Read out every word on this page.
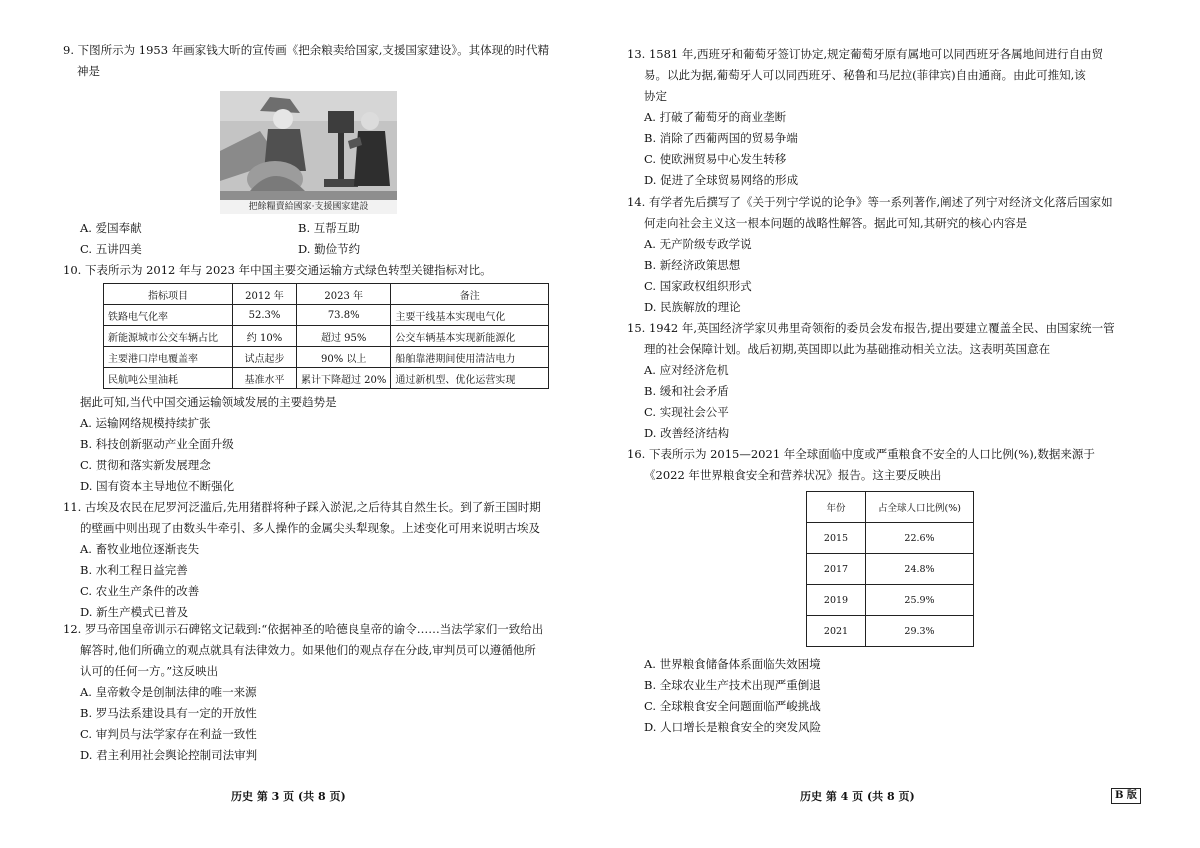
9. 下图所示为 1953 年画家钱大昕的宣传画《把余粮卖给国家,支援国家建设》。其体现的时代精

神是

把餘糧賣給國家·支援國家建設
A. 爱国奉献	B. 互帮互助
C. 五讲四美	D. 勤俭节约

10. 下表所示为 2012 年与 2023 年中国主要交通运输方式绿色转型关键指标对比。

指标项目	2012 年	2023 年	备注
铁路电气化率	52.3%	73.8%	主要干线基本实现电气化
新能源城市公交车辆占比	约 10%	超过 95%	公交车辆基本实现新能源化
主要港口岸电覆盖率	试点起步	90% 以上	船舶靠港期间使用清洁电力
民航吨公里油耗	基准水平	累计下降超过 20%	通过新机型、优化运营实现

据此可知,当代中国交通运输领域发展的主要趋势是

A. 运输网络规模持续扩张

B. 科技创新驱动产业全面升级

C. 贯彻和落实新发展理念

D. 国有资本主导地位不断强化

11. 古埃及农民在尼罗河泛滥后,先用猪群将种子踩入淤泥,之后待其自然生长。到了新王国时期

的壁画中则出现了由数头牛牵引、多人操作的金属尖头犁现象。上述变化可用来说明古埃及

A. 畜牧业地位逐渐丧失

B. 水利工程日益完善

C. 农业生产条件的改善

D. 新生产模式已普及

12. 罗马帝国皇帝训示石碑铭文记载到:“依据神圣的哈德良皇帝的谕令……当法学家们一致给出

解答时,他们所确立的观点就具有法律效力。如果他们的观点存在分歧,审判员可以遵循他所

认可的任何一方。”这反映出

A. 皇帝敕令是创制法律的唯一来源

B. 罗马法系建设具有一定的开放性

C. 审判员与法学家存在利益一致性

D. 君主利用社会舆论控制司法审判

历史 第 3 页 (共 8 页)

13. 1581 年,西班牙和葡萄牙签订协定,规定葡萄牙原有属地可以同西班牙各属地间进行自由贸

易。以此为据,葡萄牙人可以同西班牙、秘鲁和马尼拉(菲律宾)自由通商。由此可推知,该

协定

A. 打破了葡萄牙的商业垄断

B. 消除了西葡两国的贸易争端

C. 使欧洲贸易中心发生转移

D. 促进了全球贸易网络的形成

14. 有学者先后撰写了《关于列宁学说的论争》等一系列著作,阐述了列宁对经济文化落后国家如

何走向社会主义这一根本问题的战略性解答。据此可知,其研究的核心内容是

A. 无产阶级专政学说

B. 新经济政策思想

C. 国家政权组织形式

D. 民族解放的理论

15. 1942 年,英国经济学家贝弗里奇领衔的委员会发布报告,提出要建立覆盖全民、由国家统一管

理的社会保障计划。战后初期,英国即以此为基础推动相关立法。这表明英国意在

A. 应对经济危机

B. 缓和社会矛盾

C. 实现社会公平

D. 改善经济结构

16. 下表所示为 2015—2021 年全球面临中度或严重粮食不安全的人口比例(%),数据来源于

《2022 年世界粮食安全和营养状况》报告。这主要反映出

年份	占全球人口比例(%)
2015	22.6%
2017	24.8%
2019	25.9%
2021	29.3%

A. 世界粮食储备体系面临失效困境

B. 全球农业生产技术出现严重倒退

C. 全球粮食安全问题面临严峻挑战

D. 人口增长是粮食安全的突发风险

历史 第 4 页 (共 8 页)	B 版
